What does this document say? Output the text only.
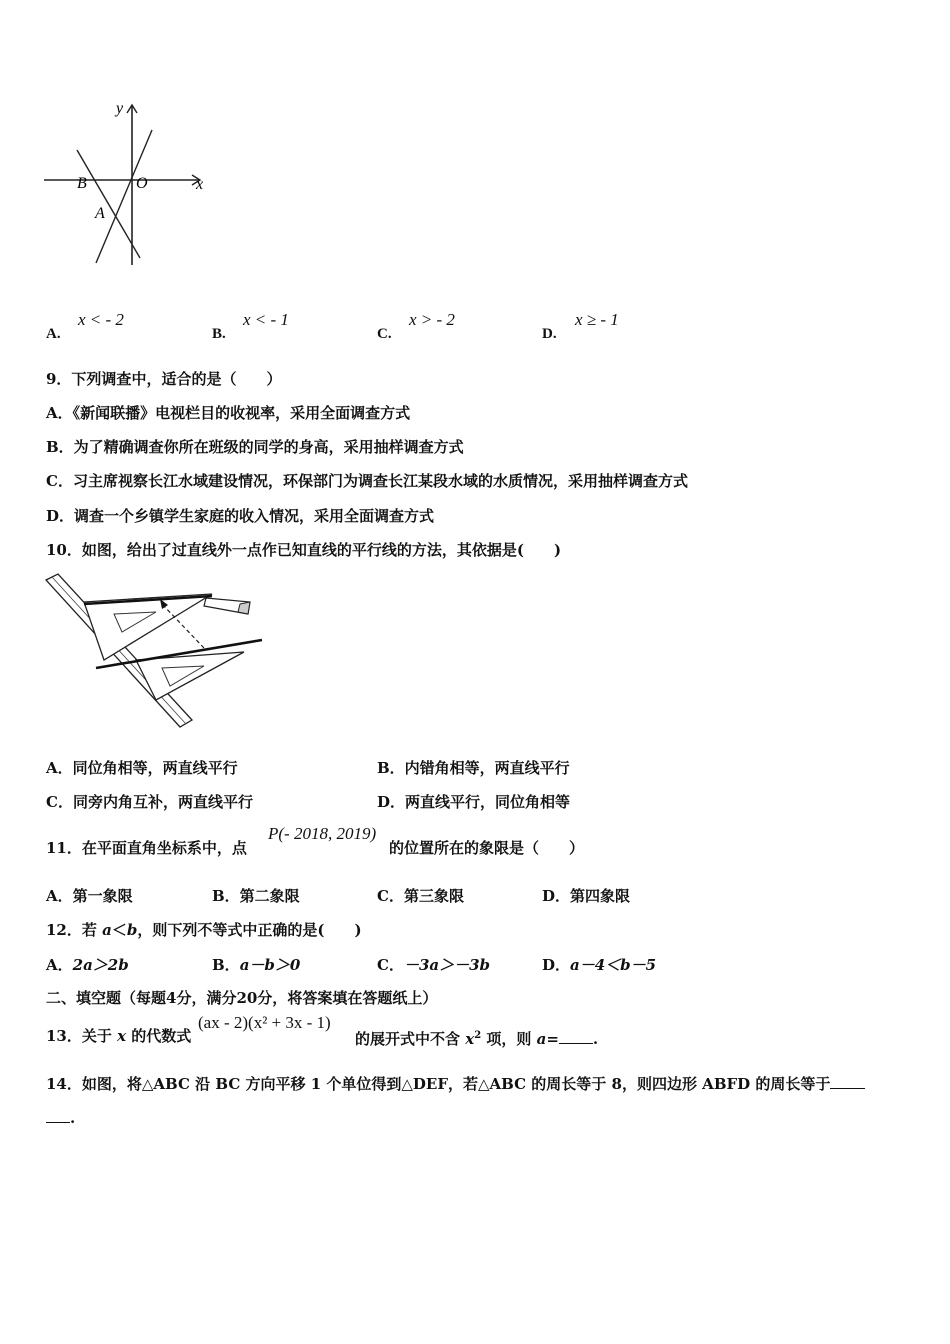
y
x
O
B
A
A.
x < - 2
B.
x < - 1
C.
x > - 2
D.
x ≥ - 1
9．下列调查中，适合的是（　　）
A．《新闻联播》电视栏目的收视率，采用全面调查方式
B．为了精确调查你所在班级的同学的身高，采用抽样调查方式
C．习主席视察长江水域建设情况，环保部门为调查长江某段水域的水质情况，采用抽样调查方式
D．调查一个乡镇学生家庭的收入情况，采用全面调查方式
10．如图，给出了过直线外一点作已知直线的平行线的方法，其依据是(　　)
A．同位角相等，两直线平行	B．内错角相等，两直线平行
C．同旁内角互补，两直线平行	D．两直线平行，同位角相等
11．在平面直角坐标系中，点
P(- 2018, 2019)
的位置所在的象限是（　　）
A．第一象限	B．第二象限	C．第三象限	D．第四象限
12．若 a＜b，则下列不等式中正确的是(　　)
A．2a＞2b	B．a－b＞0	C．－3a＞－3b	D．a－4＜b－5
二、填空题（每题4分，满分20分，将答案填在答题纸上）
13．关于 x 的代数式
(ax - 2)(x² + 3x - 1)
的展开式中不含 $x^2$ 项，则 a= .
14．如图，将△ABC 沿 BC 方向平移 1 个单位得到△DEF，若△ABC 的周长等于 8，则四边形 ABFD 的周长等于
.
